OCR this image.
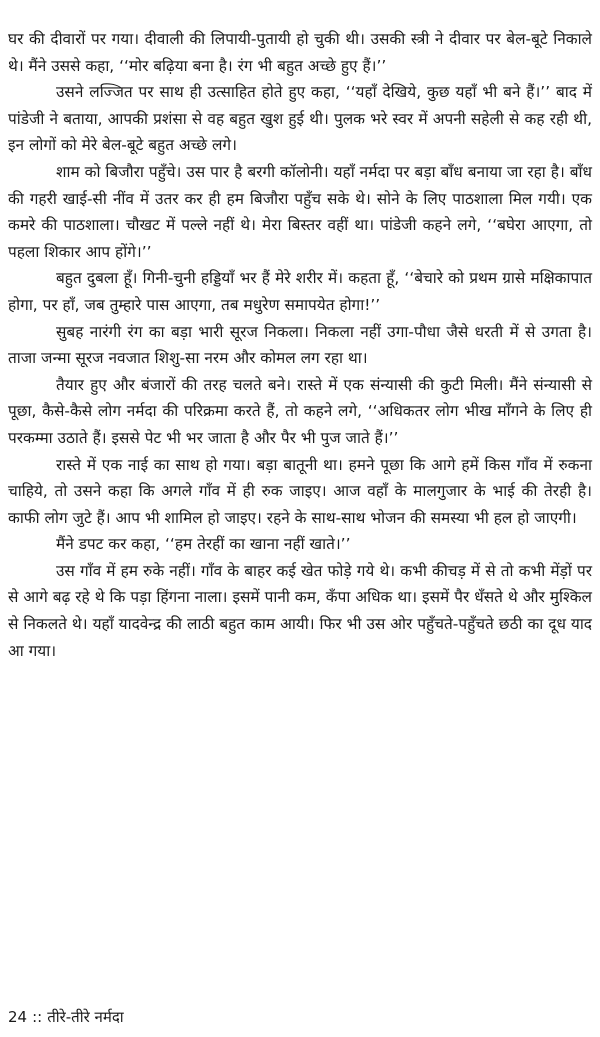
घर की दीवारों पर गया। दीवाली की लिपायी-पुतायी हो चुकी थी। उसकी स्त्री ने दीवार पर बेल-बूटे निकाले थे। मैंने उससे कहा, ‘‘मोर बढ़िया बना है। रंग भी बहुत अच्छे हुए हैं।’’

उसने लज्जित पर साथ ही उत्साहित होते हुए कहा, ‘‘यहाँ देखिये, कुछ यहाँ भी बने हैं।’’ बाद में पांडेजी ने बताया, आपकी प्रशंसा से वह बहुत खुश हुई थी। पुलक भरे स्वर में अपनी सहेली से कह रही थी, इन लोगों को मेरे बेल-बूटे बहुत अच्छे लगे।

शाम को बिजौरा पहुँचे। उस पार है बरगी कॉलोनी। यहाँ नर्मदा पर बड़ा बाँध बनाया जा रहा है। बाँध की गहरी खाई-सी नींव में उतर कर ही हम बिजौरा पहुँच सके थे। सोने के लिए पाठशाला मिल गयी। एक कमरे की पाठशाला। चौखट में पल्ले नहीं थे। मेरा बिस्तर वहीं था। पांडेजी कहने लगे, ‘‘बघेरा आएगा, तो पहला शिकार आप होंगे।’’

बहुत दुबला हूँ। गिनी-चुनी हड्डियाँ भर हैं मेरे शरीर में। कहता हूँ, ‘‘बेचारे को प्रथम ग्रासे मक्षिकापात होगा, पर हाँ, जब तुम्हारे पास आएगा, तब मधुरेण समापयेत होगा!’’

सुबह नारंगी रंग का बड़ा भारी सूरज निकला। निकला नहीं उगा-पौधा जैसे धरती में से उगता है। ताजा जन्मा सूरज नवजात शिशु-सा नरम और कोमल लग रहा था।

तैयार हुए और बंजारों की तरह चलते बने। रास्ते में एक संन्यासी की कुटी मिली। मैंने संन्यासी से पूछा, कैसे-कैसे लोग नर्मदा की परिक्रमा करते हैं, तो कहने लगे, ‘‘अधिकतर लोग भीख माँगने के लिए ही परकम्मा उठाते हैं। इससे पेट भी भर जाता है और पैर भी पुज जाते हैं।’’

रास्ते में एक नाई का साथ हो गया। बड़ा बातूनी था। हमने पूछा कि आगे हमें किस गाँव में रुकना चाहिये, तो उसने कहा कि अगले गाँव में ही रुक जाइए। आज वहाँ के मालगुजार के भाई की तेरही है। काफी लोग जुटे हैं। आप भी शामिल हो जाइए। रहने के साथ-साथ भोजन की समस्या भी हल हो जाएगी।

मैंने डपट कर कहा, ‘‘हम तेरहीं का खाना नहीं खाते।’’

उस गाँव में हम रुके नहीं। गाँव के बाहर कई खेत फोड़े गये थे। कभी कीचड़ में से तो कभी मेंड़ों पर से आगे बढ़ रहे थे कि पड़ा हिंगना नाला। इसमें पानी कम, कँपा अधिक था। इसमें पैर धँसते थे और मुश्किल से निकलते थे। यहाँ यादवेन्द्र की लाठी बहुत काम आयी। फिर भी उस ओर पहुँचते-पहुँचते छठी का दूध याद आ गया।

24 :: तीरे-तीरे नर्मदा
